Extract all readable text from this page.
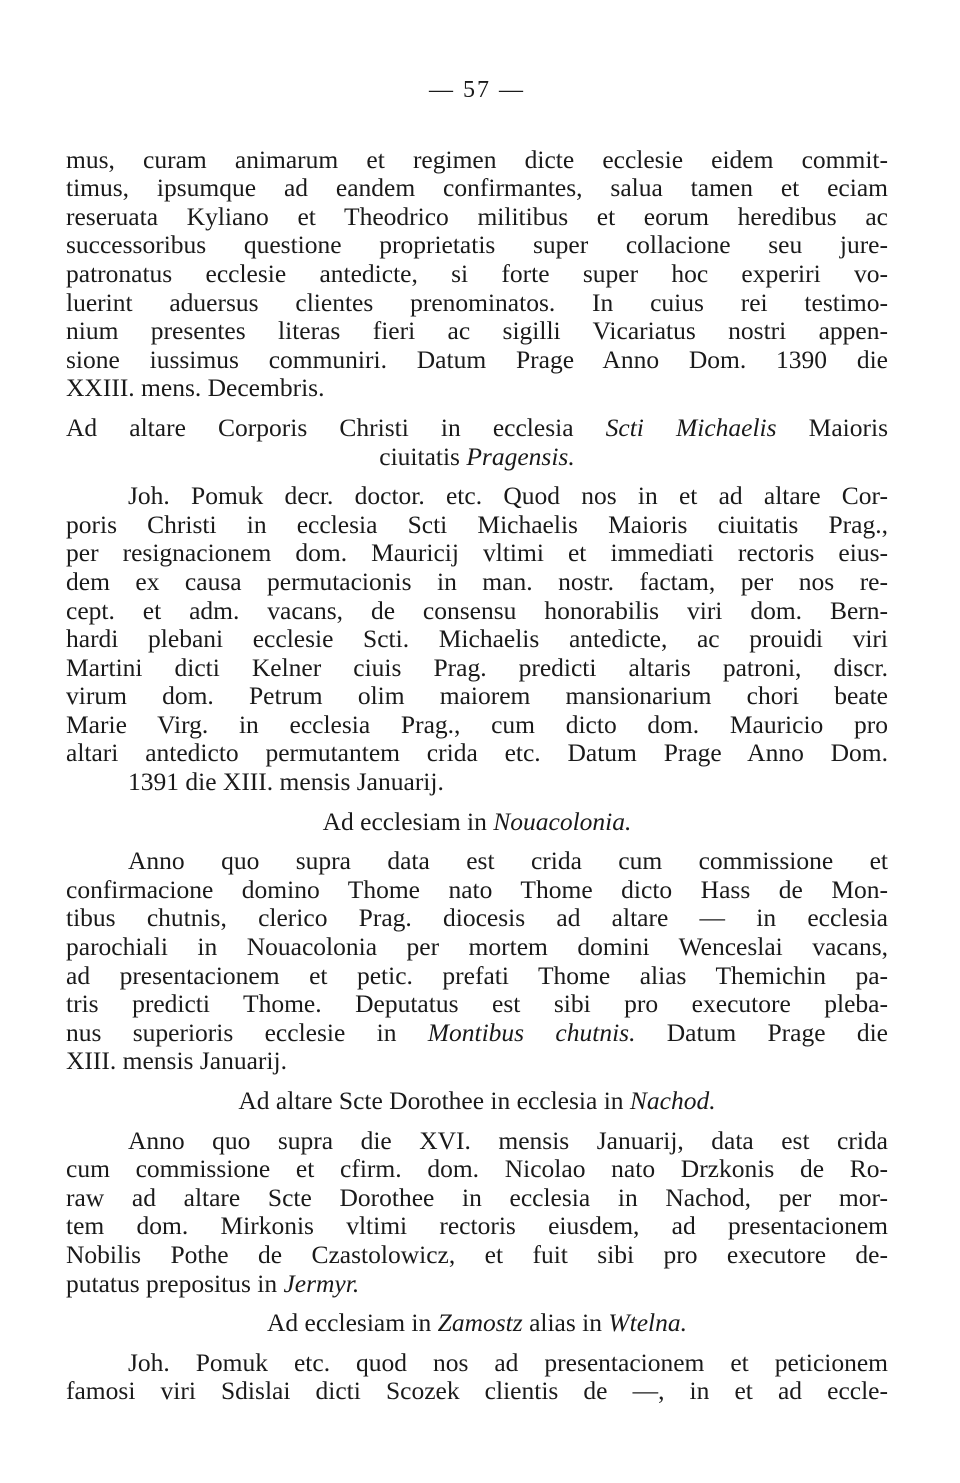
— 57 —
mus, curam animarum et regimen dicte ecclesie eidem commit-
timus, ipsumque ad eandem confirmantes, salua tamen et eciam
reseruata Kyliano et Theodrico militibus et eorum heredibus ac
successoribus questione proprietatis super collacione seu jure-
patronatus ecclesie antedicte, si forte super hoc experiri vo-
luerint aduersus clientes prenominatos. In cuius rei testimo-
nium presentes literas fieri ac sigilli Vicariatus nostri appen-
sione iussimus communiri. Datum Prage Anno Dom. 1390 die
XXIII. mens. Decembris.
Ad altare Corporis Christi in ecclesia Scti Michaelis Maioris
ciuitatis Pragensis.
Joh. Pomuk decr. doctor. etc. Quod nos in et ad altare Cor-
poris Christi in ecclesia Scti Michaelis Maioris ciuitatis Prag.,
per resignacionem dom. Mauricij vltimi et immediati rectoris eius-
dem ex causa permutacionis in man. nostr. factam, per nos re-
cept. et adm. vacans, de consensu honorabilis viri dom. Bern-
hardi plebani ecclesie Scti. Michaelis antedicte, ac prouidi viri
Martini dicti Kelner ciuis Prag. predicti altaris patroni, discr.
virum dom. Petrum olim maiorem mansionarium chori beate
Marie Virg. in ecclesia Prag., cum dicto dom. Mauricio pro
altari antedicto permutantem crida etc. Datum Prage Anno Dom.
1391 die XIII. mensis Januarij.
Ad ecclesiam in Nouacolonia.
Anno quo supra data est crida cum commissione et
confirmacione domino Thome nato Thome dicto Hass de Mon-
tibus chutnis, clerico Prag. diocesis ad altare — in ecclesia
parochiali in Nouacolonia per mortem domini Wenceslai vacans,
ad presentacionem et petic. prefati Thome alias Themichin pa-
tris predicti Thome. Deputatus est sibi pro executore pleba-
nus superioris ecclesie in Montibus chutnis. Datum Prage die
XIII. mensis Januarij.
Ad altare Scte Dorothee in ecclesia in Nachod.
Anno quo supra die XVI. mensis Januarij, data est crida
cum commissione et cfirm. dom. Nicolao nato Drzkonis de Ro-
raw ad altare Scte Dorothee in ecclesia in Nachod, per mor-
tem dom. Mirkonis vltimi rectoris eiusdem, ad presentacionem
Nobilis Pothe de Czastolowicz, et fuit sibi pro executore de-
putatus prepositus in Jermyr.
Ad ecclesiam in Zamostz alias in Wtelna.
Joh. Pomuk etc. quod nos ad presentacionem et peticionem
famosi viri Sdislai dicti Scozek clientis de —, in et ad eccle-
